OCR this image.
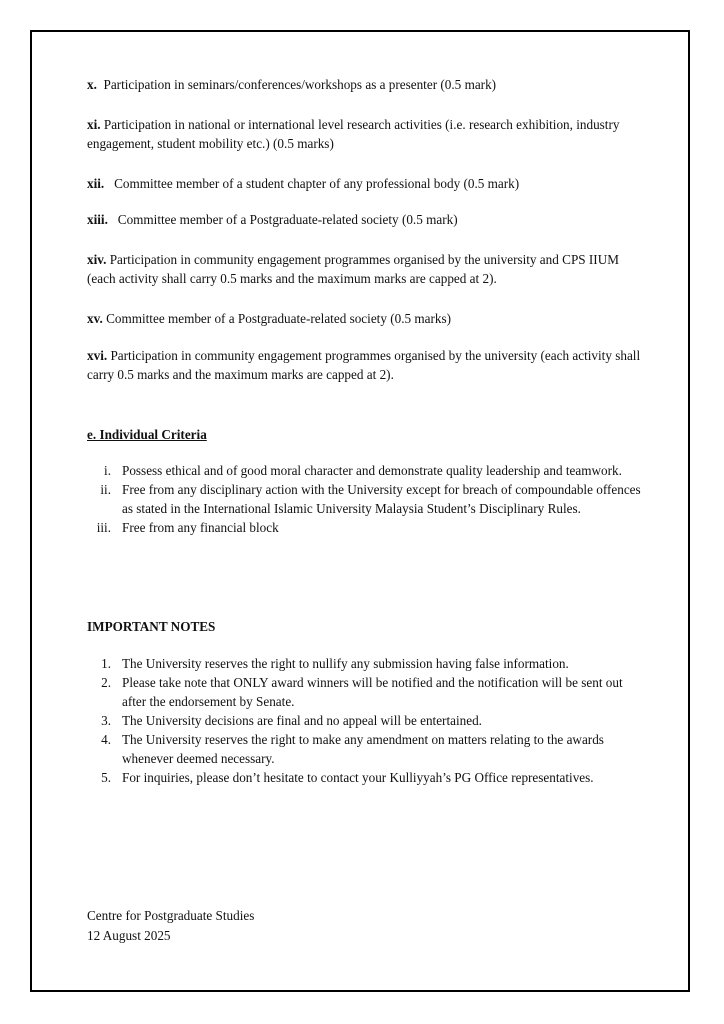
x. Participation in seminars/conferences/workshops as a presenter (0.5 mark)

xi. Participation in national or international level research activities (i.e. research exhibition, industry engagement, student mobility etc.) (0.5 marks)

xii. Committee member of a student chapter of any professional body (0.5 mark)

xiii. Committee member of a Postgraduate-related society (0.5 mark)

xiv. Participation in community engagement programmes organised by the university and CPS IIUM (each activity shall carry 0.5 marks and the maximum marks are capped at 2).

xv. Committee member of a Postgraduate-related society (0.5 marks)

xvi. Participation in community engagement programmes organised by the university (each activity shall carry 0.5 marks and the maximum marks are capped at 2).

e. Individual Criteria

i. Possess ethical and of good moral character and demonstrate quality leadership and teamwork.
ii. Free from any disciplinary action with the University except for breach of compoundable offences as stated in the International Islamic University Malaysia Student’s Disciplinary Rules.
iii. Free from any financial block

IMPORTANT NOTES

1. The University reserves the right to nullify any submission having false information.
2. Please take note that ONLY award winners will be notified and the notification will be sent out after the endorsement by Senate.
3. The University decisions are final and no appeal will be entertained.
4. The University reserves the right to make any amendment on matters relating to the awards whenever deemed necessary.
5. For inquiries, please don’t hesitate to contact your Kulliyyah’s PG Office representatives.
Centre for Postgraduate Studies
12 August 2025
